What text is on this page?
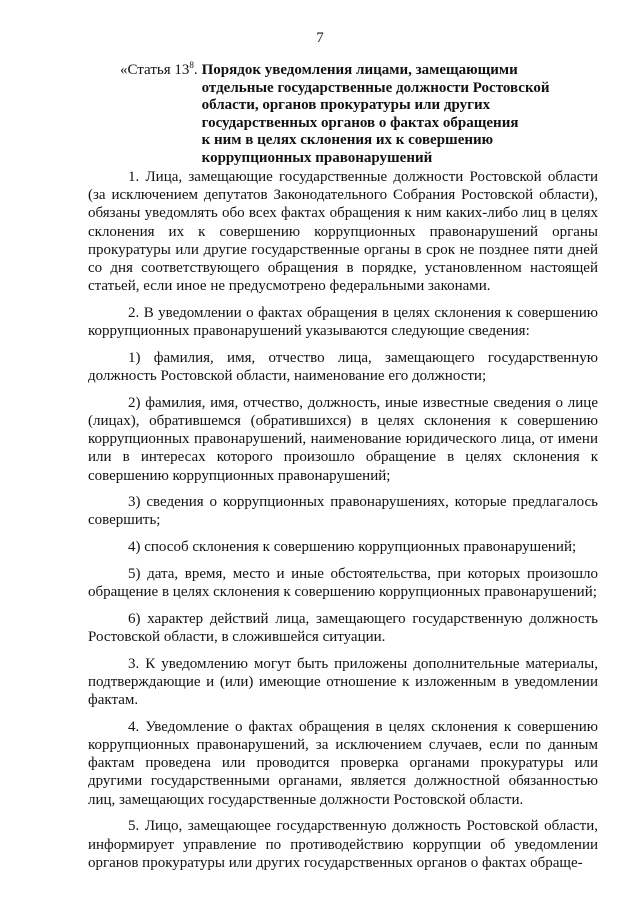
7
«Статья $13^8$. Порядок уведомления лицами, замещающими
отдельные государственные должности Ростовской
области, органов прокуратуры или других
государственных органов о фактах обращения
к ним в целях склонения их к совершению
коррупционных правонарушений

1. Лица, замещающие государственные должности Ростовской области (за исключением депутатов Законодательного Собрания Ростовской области), обязаны уведомлять обо всех фактах обращения к ним каких-либо лиц в целях склонения их к совершению коррупционных правонарушений органы прокуратуры или другие государственные органы в срок не позднее пяти дней со дня соответствующего обращения в порядке, установленном настоящей статьей, если иное не предусмотрено федеральными законами.

2. В уведомлении о фактах обращения в целях склонения к совершению коррупционных правонарушений указываются следующие сведения:

1) фамилия, имя, отчество лица, замещающего государственную должность Ростовской области, наименование его должности;

2) фамилия, имя, отчество, должность, иные известные сведения о лице (лицах), обратившемся (обратившихся) в целях склонения к совершению коррупционных правонарушений, наименование юридического лица, от имени или в интересах которого произошло обращение в целях склонения к совершению коррупционных правонарушений;

3) сведения о коррупционных правонарушениях, которые предлагалось совершить;

4) способ склонения к совершению коррупционных правонарушений;

5) дата, время, место и иные обстоятельства, при которых произошло обращение в целях склонения к совершению коррупционных правонарушений;

6) характер действий лица, замещающего государственную должность Ростовской области, в сложившейся ситуации.

3. К уведомлению могут быть приложены дополнительные материалы, подтверждающие и (или) имеющие отношение к изложенным в уведомлении фактам.

4. Уведомление о фактах обращения в целях склонения к совершению коррупционных правонарушений, за исключением случаев, если по данным фактам проведена или проводится проверка органами прокуратуры или другими государственными органами, является должностной обязанностью лиц, замещающих государственные должности Ростовской области.

5. Лицо, замещающее государственную должность Ростовской области, информирует управление по противодействию коррупции об уведомлении органов прокуратуры или других государственных органов о фактах обраще-
